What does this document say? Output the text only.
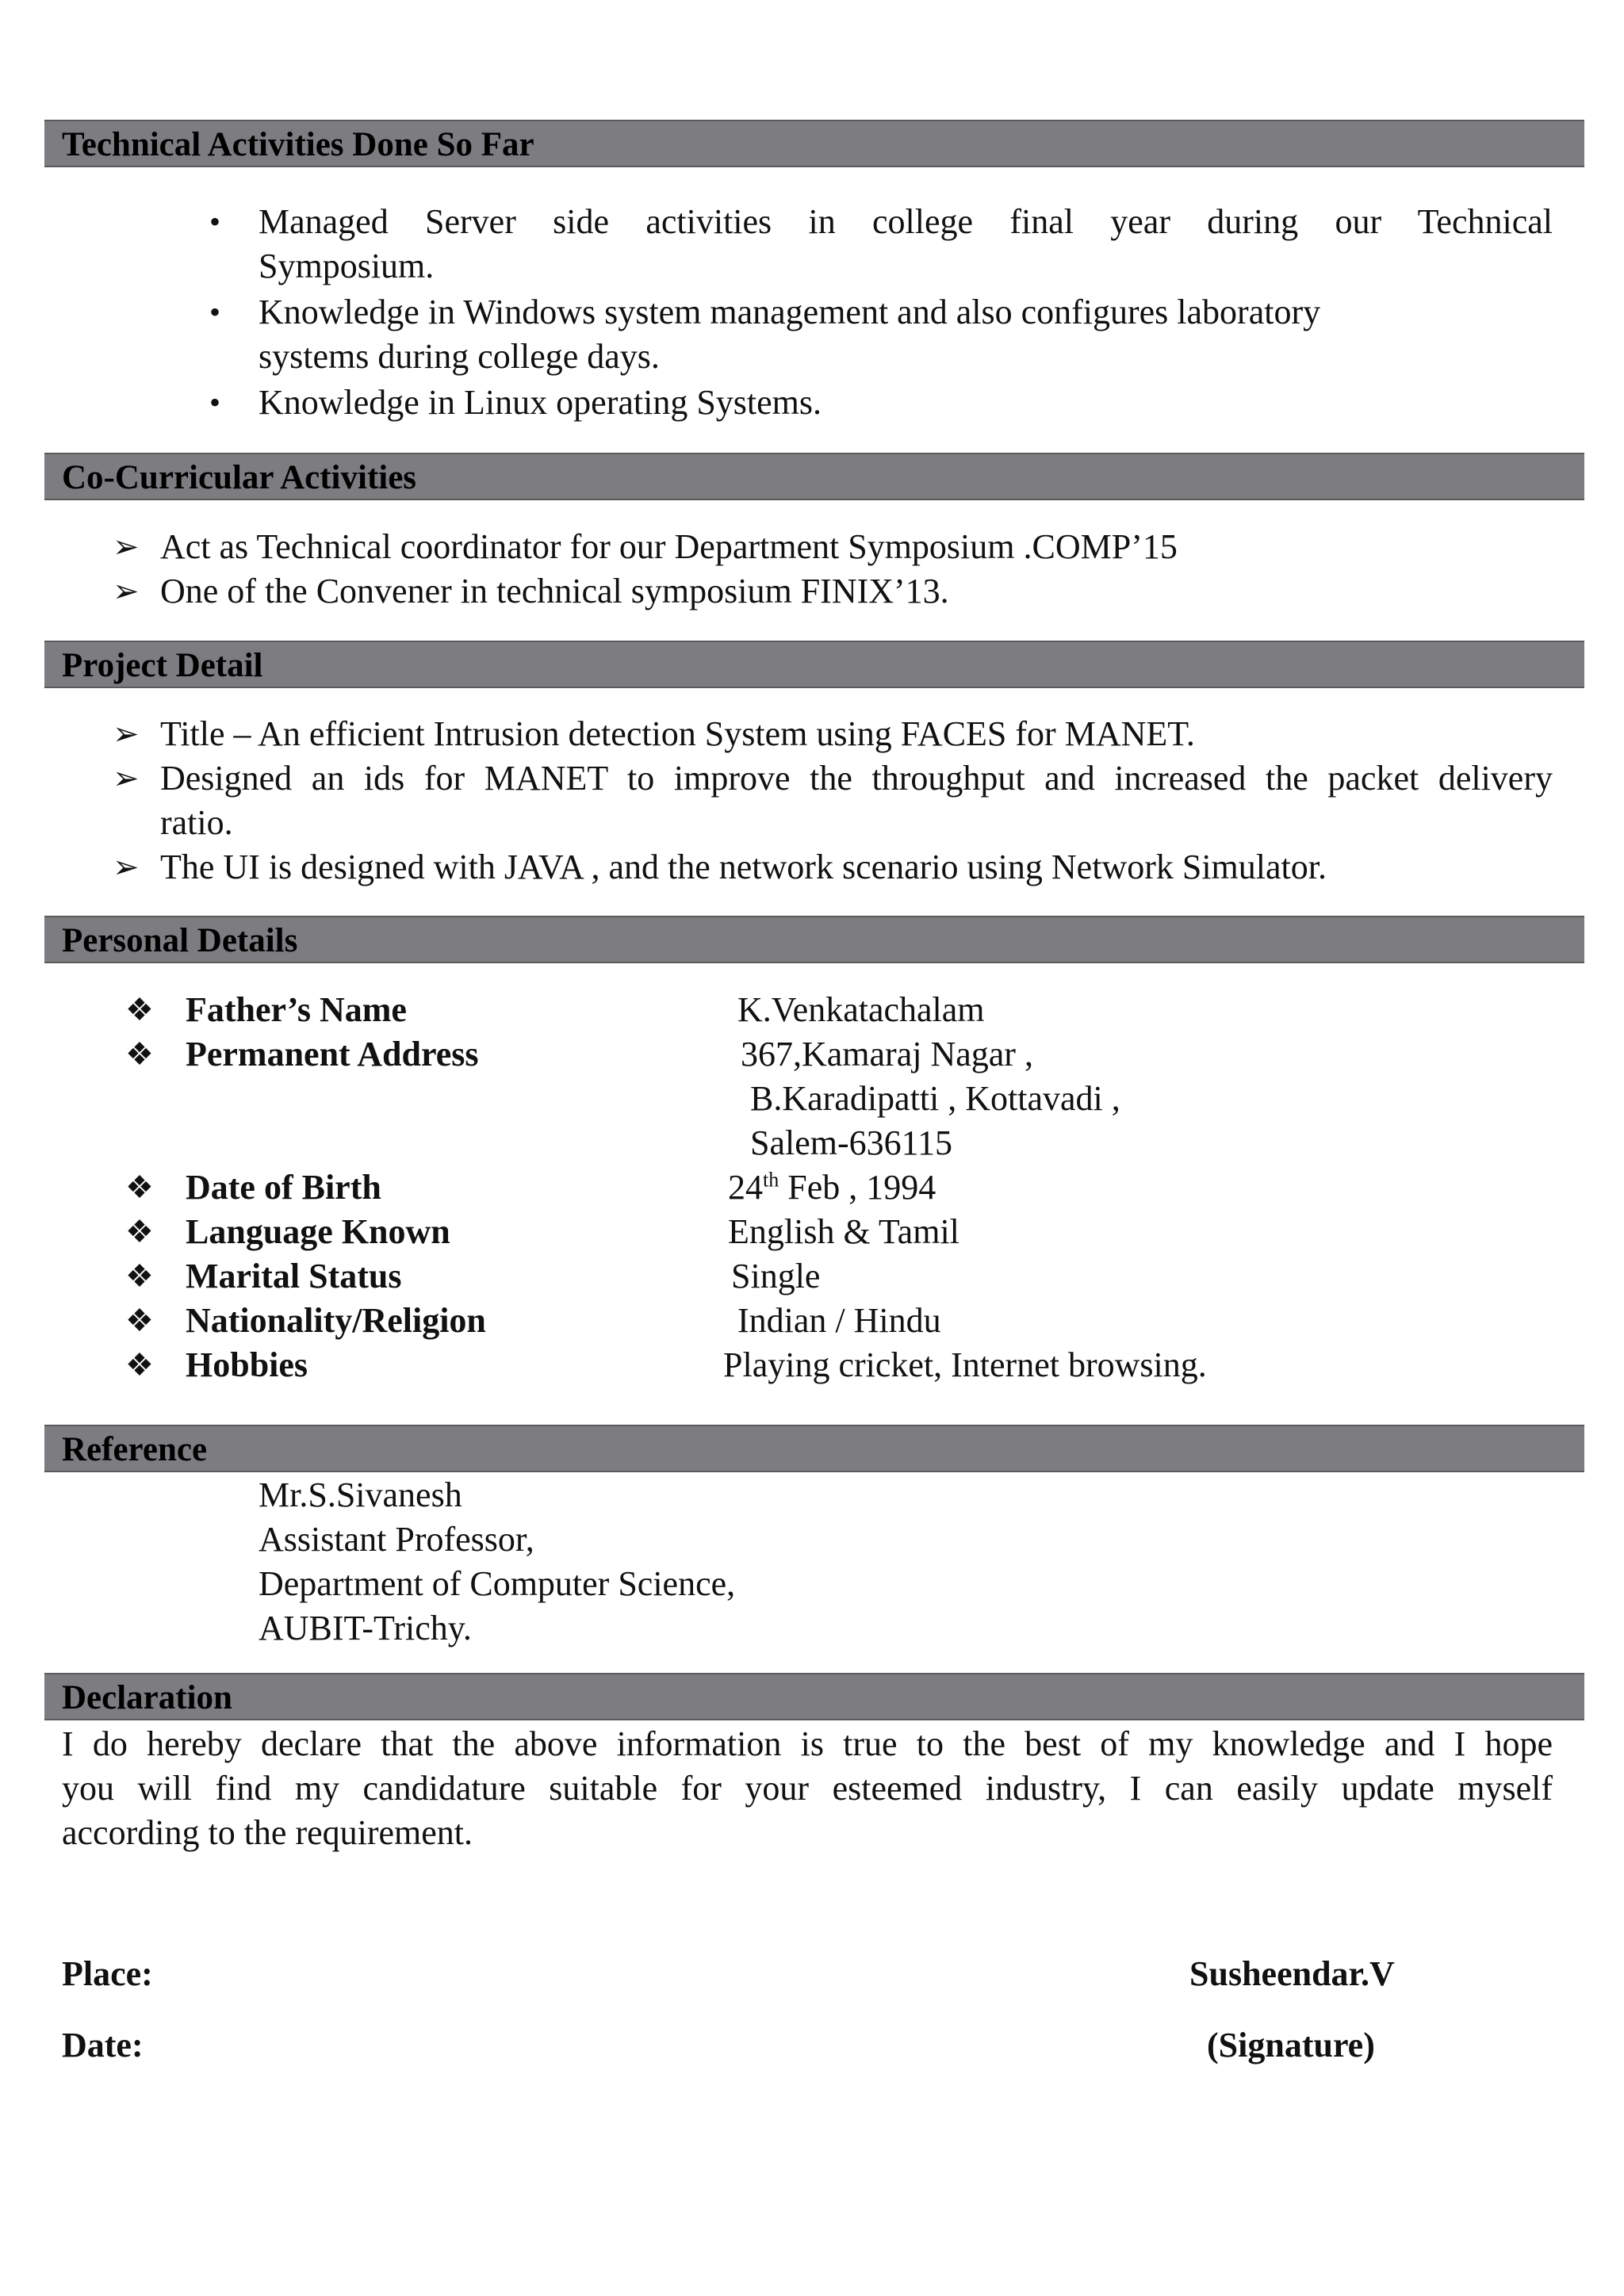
Technical Activities Done So Far
• Managed Server side activities in college final year during our Technical
Symposium.
• Knowledge in Windows system management and also configures laboratory
systems during college days.
• Knowledge in Linux operating Systems.
Co-Curricular Activities
➢ Act as Technical coordinator for our Department Symposium .COMP’15
➢ One of the Convener in technical symposium FINIX’13.
Project Detail
➢ Title – An efficient Intrusion detection System using FACES for MANET.
➢ Designed an ids for MANET to improve the throughput and increased the packet delivery
ratio.
➢ The UI is designed with JAVA , and the network scenario using Network Simulator.
Personal Details
❖ Father’s Name	K.Venkatachalam
❖ Permanent Address	367,Kamaraj Nagar ,
B.Karadipatti , Kottavadi ,
Salem-636115
❖ Date of Birth	24th Feb , 1994
❖ Language Known	English & Tamil
❖ Marital Status	Single
❖ Nationality/Religion	Indian / Hindu
❖ Hobbies	Playing cricket, Internet browsing.
Reference
Mr.S.Sivanesh
Assistant Professor,
Department of Computer Science,
AUBIT-Trichy.
Declaration
I do hereby declare that the above information is true to the best of my knowledge and I hope
you will find my candidature suitable for your esteemed industry, I can easily update myself
according to the requirement.
Place:	Susheendar.V
Date:	(Signature)
